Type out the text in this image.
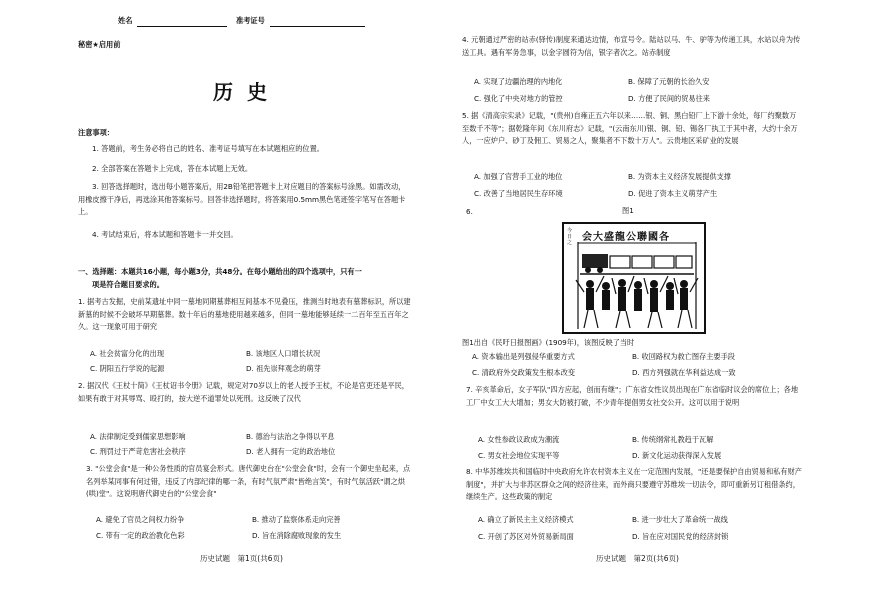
姓名	准考证号
秘密★启用前
历史
注意事项：
1. 答题前，考生务必将自己的姓名、准考证号填写在本试题相应的位置。
2. 全部答案在答题卡上完成，答在本试题上无效。
3. 回答选择题时，选出每小题答案后，用2B铅笔把答题卡上对应题目的答案标号涂黑。如需改动，用橡皮擦干净后，再选涂其他答案标号。回答非选择题时，将答案用0.5mm黑色笔迹签字笔写在答题卡上。
4. 考试结束后，将本试题和答题卡一并交回。
一、选择题：本题共16小题，每小题3分，共48分。在每小题给出的四个选项中，只有一
项是符合题目要求的。
1. 据考古发掘，史前某遗址中同一墓地同期墓葬相互间基本不见叠压，推测当时地表有墓葬标识，所以建新墓的时候不会破坏早期墓葬。数十年后的墓地使用越来越多，但同一墓地能够延续一二百年至五百年之久。这一现象可用于研究
A. 社会贫富分化的出现	B. 该地区人口增长状况
C. 阴阳五行学说的起源	D. 祖先崇拜观念的萌芽
2. 据汉代《王杖十简》《王杖诏书令册》记载，规定对70岁以上的老人授予王杖，不论是官吏还是平民，如果有敢于对其辱骂、殴打的，按大逆不道罪处以死刑。这反映了汉代
A. 法律制定受到儒家思想影响	B. 德治与法治之争得以平息
C. 刑罚过于严苛危害社会秩序	D. 老人拥有一定的政治地位
3. "公堂会食"是一种公务性质的官员宴会形式。唐代御史台在"公堂会食"时，会有一个御史坐起来，点名列举某同事有何过错，违反了内部纪律的哪一条，有时气氛严肃"皆绝言笑"，有时气氛活跃"谓之烘(哄)堂"。这说明唐代御史台的"公堂会食"
A. 避免了官员之间权力纷争	B. 推动了监察体系走向完善
C. 带有一定的政治教化色彩	D. 旨在消除腐败现象的发生
历史试题　第1页(共6页)
4. 元朝通过严密的站赤(驿传)制度来通达边情，布宣号令。陆站以马、牛、驴等为传递工具，水站以舟为传送工具。遇有军务急事，以金字圆符为信，银字者次之。站赤制度
A. 实现了边疆治理的内地化	B. 保障了元朝的长治久安
C. 强化了中央对地方的管控	D. 方便了民间的贸易往来
5. 据《清高宗实录》记载，"(贵州)自雍正五六年以来……银、铜、黑白铅厂上下游十余处，每厂约聚数万至数千不等"；据乾隆年间《东川府志》记载，"(云南东川)银、铜、铅、锡各厂执工于其中者，大约十余万人，一应炉户、砂丁及佣工、贸易之人，聚集者不下数十万人"。云贵地区采矿业的发展
A. 加强了官营手工业的地位	B. 为资本主义经济发展提供支撑
C. 改善了当地居民生存环境	D. 促进了资本主义萌芽产生
6.	图1
今日之 会大盛龍公聯國各
图1出自《民吁日报图画》(1909年)，该图反映了当时
A. 资本输出是列强侵华重要方式	B. 收回路权为救亡图存主要手段
C. 清政府外交政策发生根本改变	D. 西方列强就在华利益达成一致
7. 辛亥革命后，女子军队"四方应起，创而有继"；广东省女性议员出现在广东省临时议会的席位上；各地工厂中女工大大增加；男女大防被打破，不少青年提倡男女社交公开。这可以用于说明
A. 女性参政议政成为潮流	B. 传统纲常礼教趋于瓦解
C. 男女社会地位实现平等	D. 新文化运动获得深入发展
8. 中华苏维埃共和国临时中央政府允许农村资本主义在一定范围内发展，"还是要保护自由贸易和私有财产制度"，并扩大与非苏区群众之间的经济往来，而外商只要遵守苏维埃一切法令，即可重新另订租借条约，继续生产。这些政策的制定
A. 确立了新民主主义经济模式	B. 进一步壮大了革命统一战线
C. 开创了苏区对外贸易新局面	D. 旨在应对国民党的经济封锁
历史试题　第2页(共6页)
